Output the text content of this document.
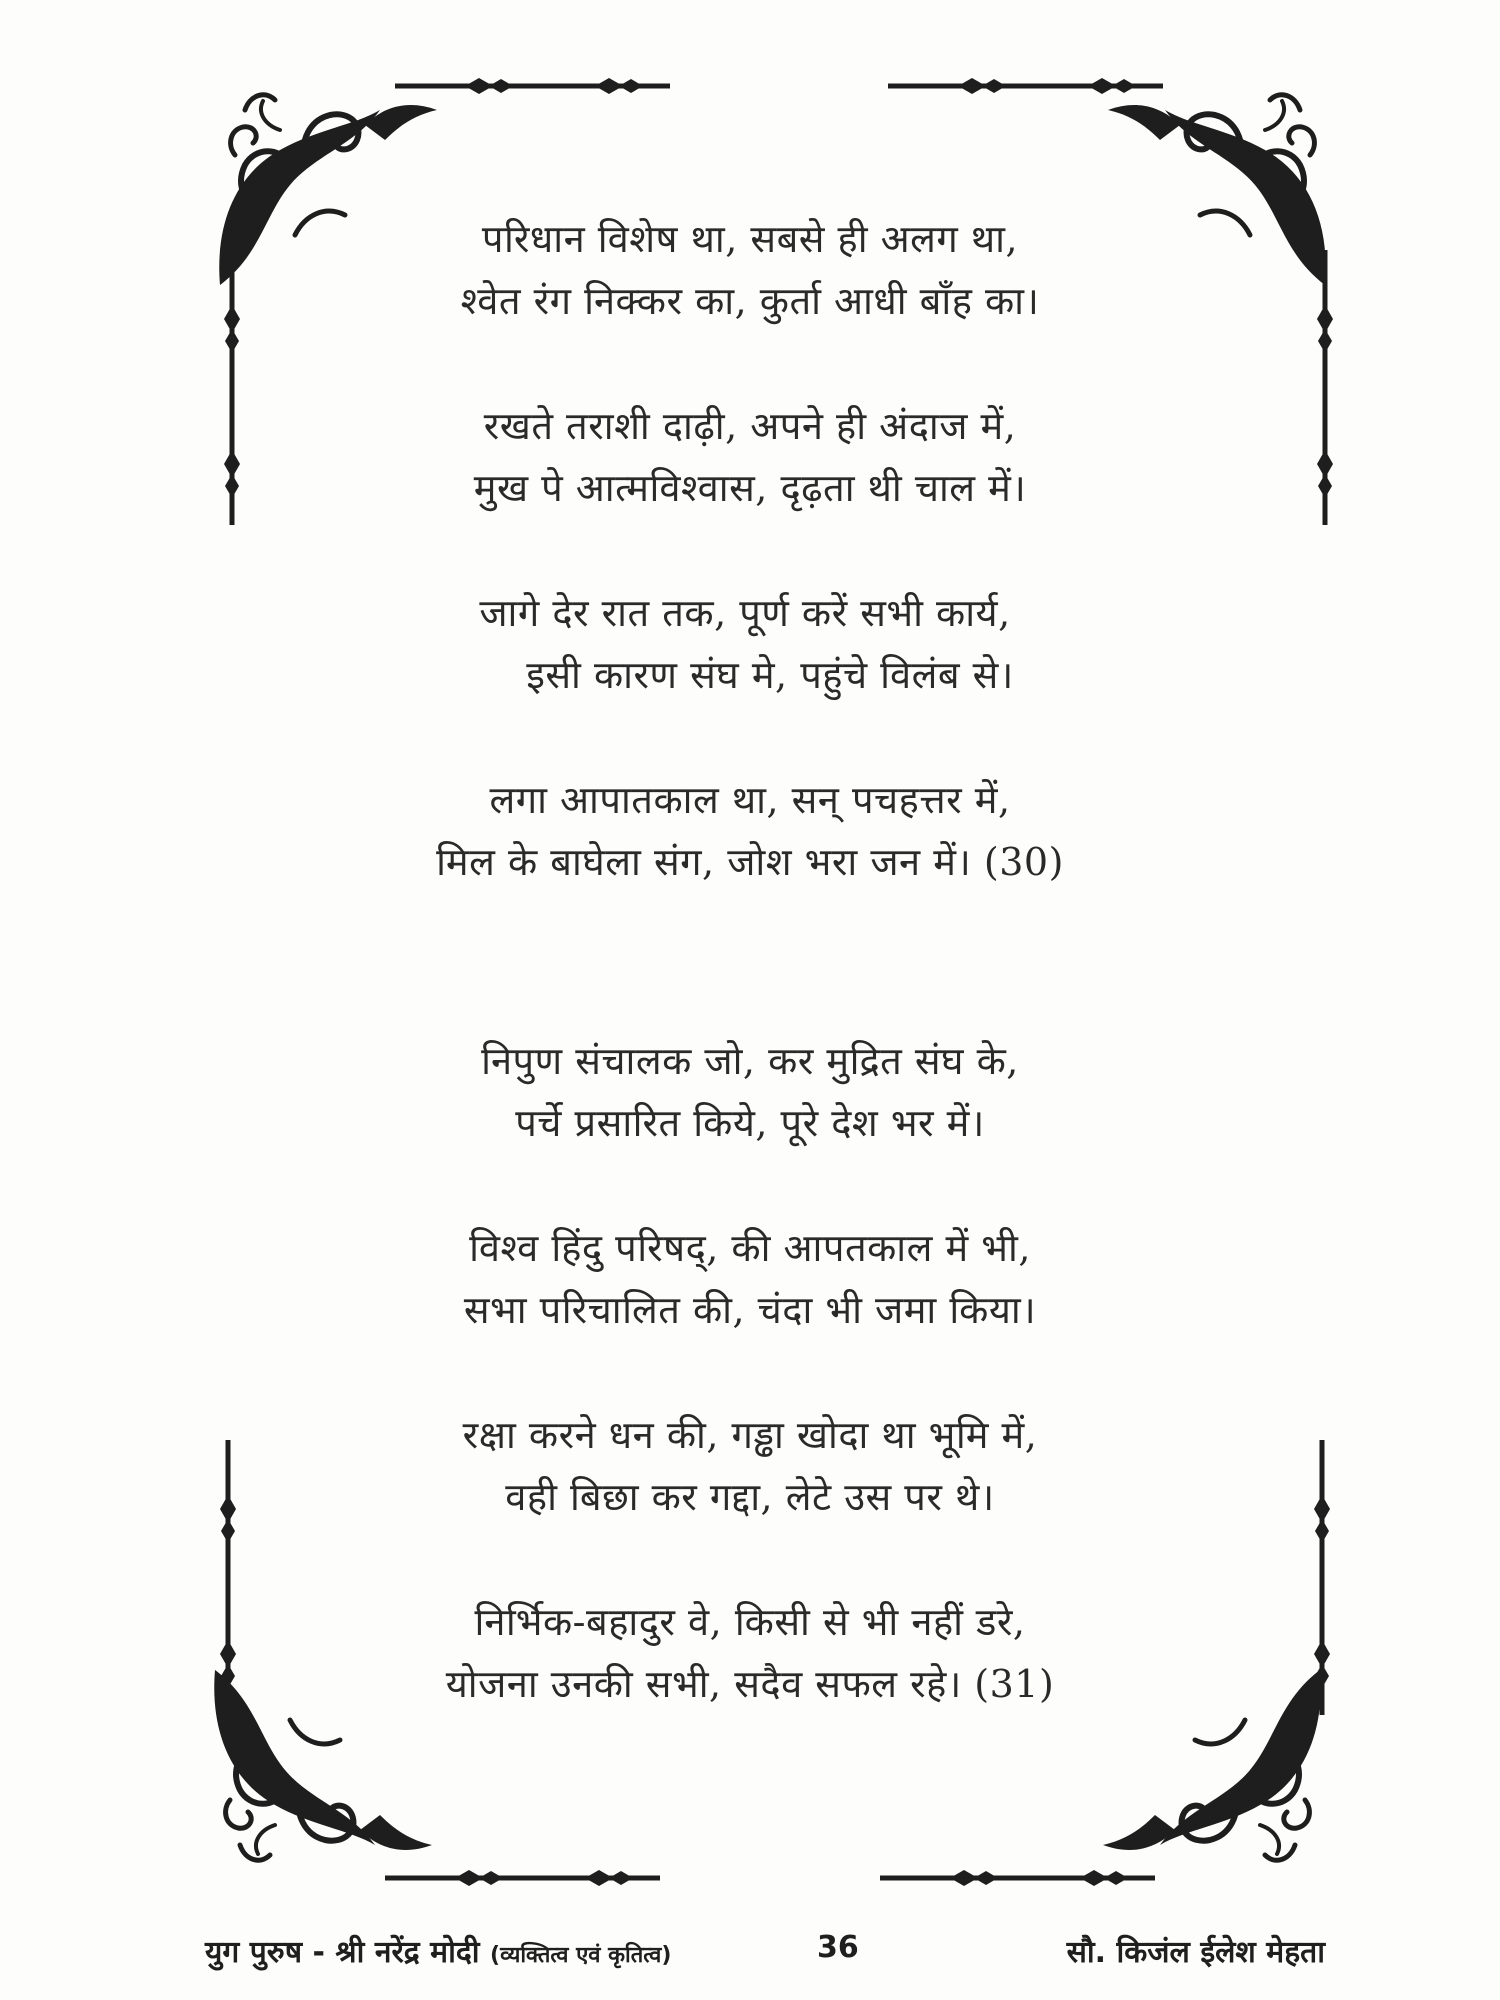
परिधान विशेष था, सबसे ही अलग था,
श्वेत रंग निक्कर का, कुर्ता आधी बाँह का।
रखते तराशी दाढ़ी, अपने ही अंदाज में,
मुख पे आत्मविश्वास, दृढ़ता थी चाल में।
जागे देर रात तक, पूर्ण करें सभी कार्य,
इसी कारण संघ मे, पहुंचे विलंब से।
लगा आपातकाल था, सन् पचहत्तर में,
मिल के बाघेला संग, जोश भरा जन में। (30)
निपुण संचालक जो, कर मुद्रित संघ के,
पर्चे प्रसारित किये, पूरे देश भर में।
विश्व हिंदु परिषद्, की आपतकाल में भी,
सभा परिचालित की, चंदा भी जमा किया।
रक्षा करने धन की, गड्ढा खोदा था भूमि में,
वही बिछा कर गद्दा, लेटे उस पर थे।
निर्भिक-बहादुर वे, किसी से भी नहीं डरे,
योजना उनकी सभी, सदैव सफल रहे। (31)
युग पुरुष - श्री नरेंद्र मोदी (व्यक्तित्व एवं कृतित्व)	36	सौ. किजंल ईलेश मेहता
